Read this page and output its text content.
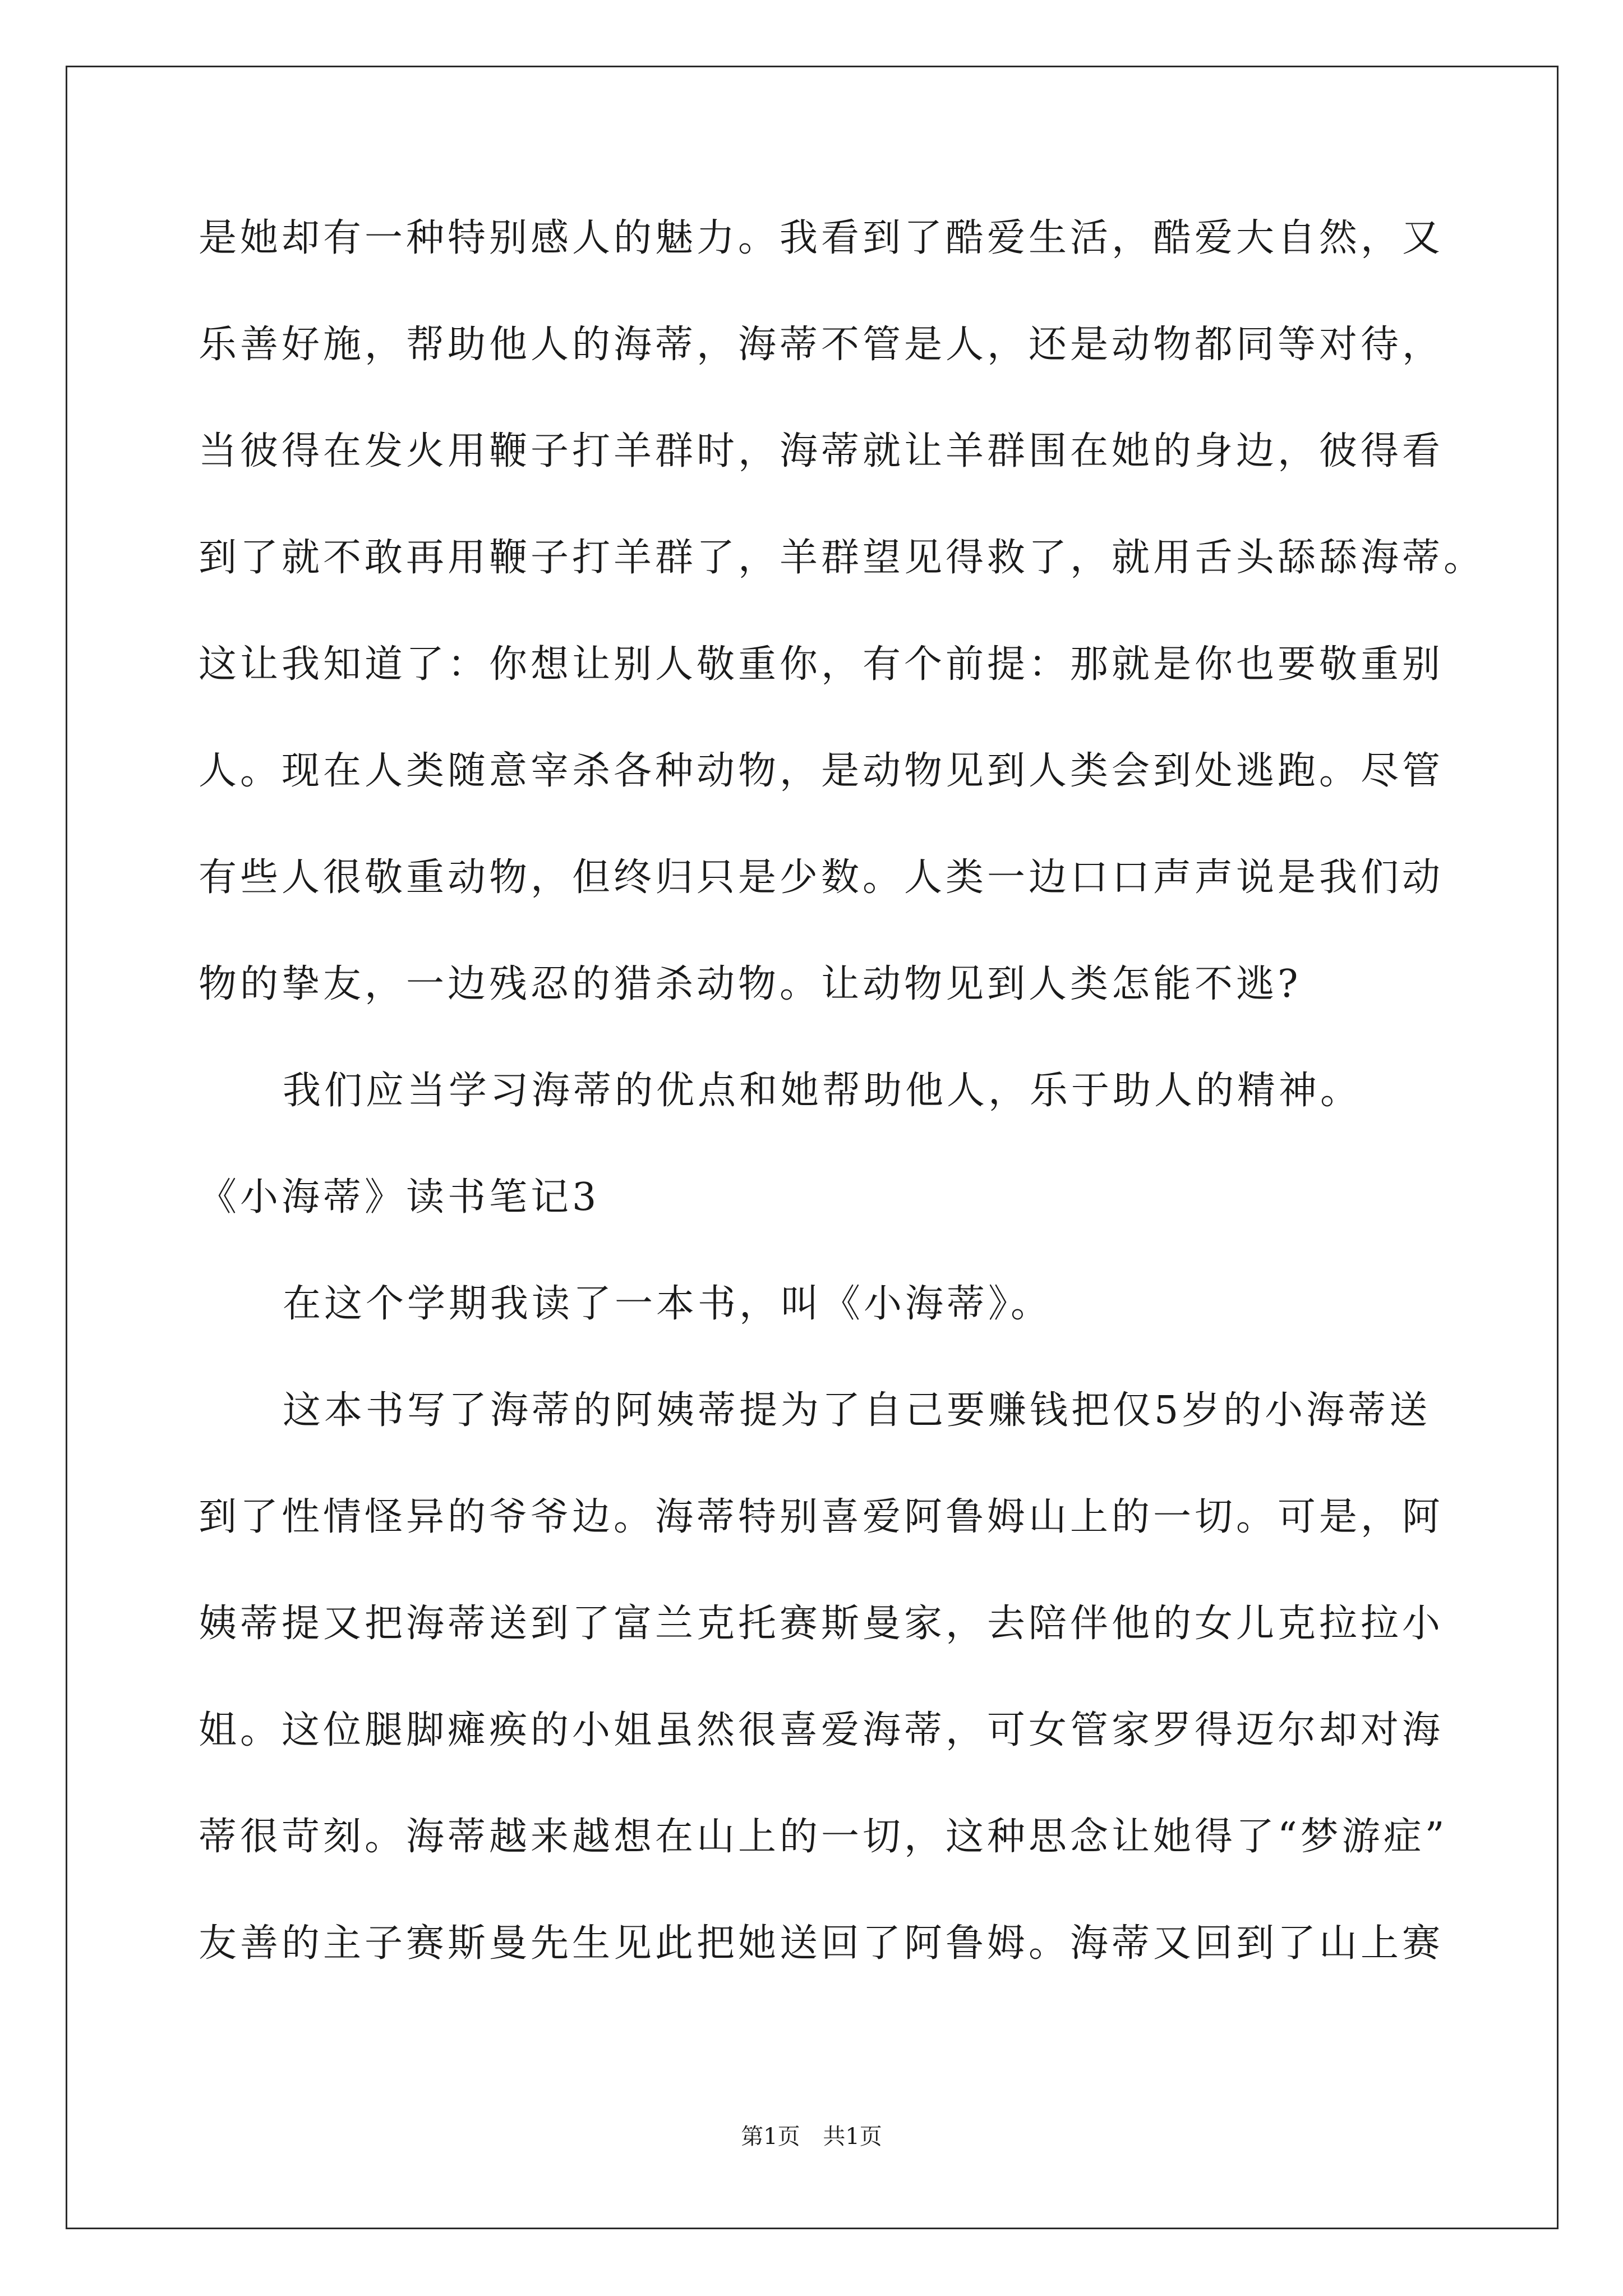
是她却有一种特别感人的魅力。我看到了酷爱生活，酷爱大自然，又
乐善好施，帮助他人的海蒂，海蒂不管是人，还是动物都同等对待，
当彼得在发火用鞭子打羊群时，海蒂就让羊群围在她的身边，彼得看
到了就不敢再用鞭子打羊群了，羊群望见得救了，就用舌头舔舔海蒂。
这让我知道了：你想让别人敬重你，有个前提：那就是你也要敬重别
人。现在人类随意宰杀各种动物，是动物见到人类会到处逃跑。尽管
有些人很敬重动物，但终归只是少数。人类一边口口声声说是我们动
物的挚友，一边残忍的猎杀动物。让动物见到人类怎能不逃?
我们应当学习海蒂的优点和她帮助他人，乐于助人的精神。
《小海蒂》读书笔记3
在这个学期我读了一本书，叫《小海蒂》。
这本书写了海蒂的阿姨蒂提为了自己要赚钱把仅5岁的小海蒂送
到了性情怪异的爷爷边。海蒂特别喜爱阿鲁姆山上的一切。可是，阿
姨蒂提又把海蒂送到了富兰克托赛斯曼家，去陪伴他的女儿克拉拉小
姐。这位腿脚瘫痪的小姐虽然很喜爱海蒂，可女管家罗得迈尔却对海
蒂很苛刻。海蒂越来越想在山上的一切，这种思念让她得了“梦游症”
友善的主子赛斯曼先生见此把她送回了阿鲁姆。海蒂又回到了山上赛
第1页 共1页
